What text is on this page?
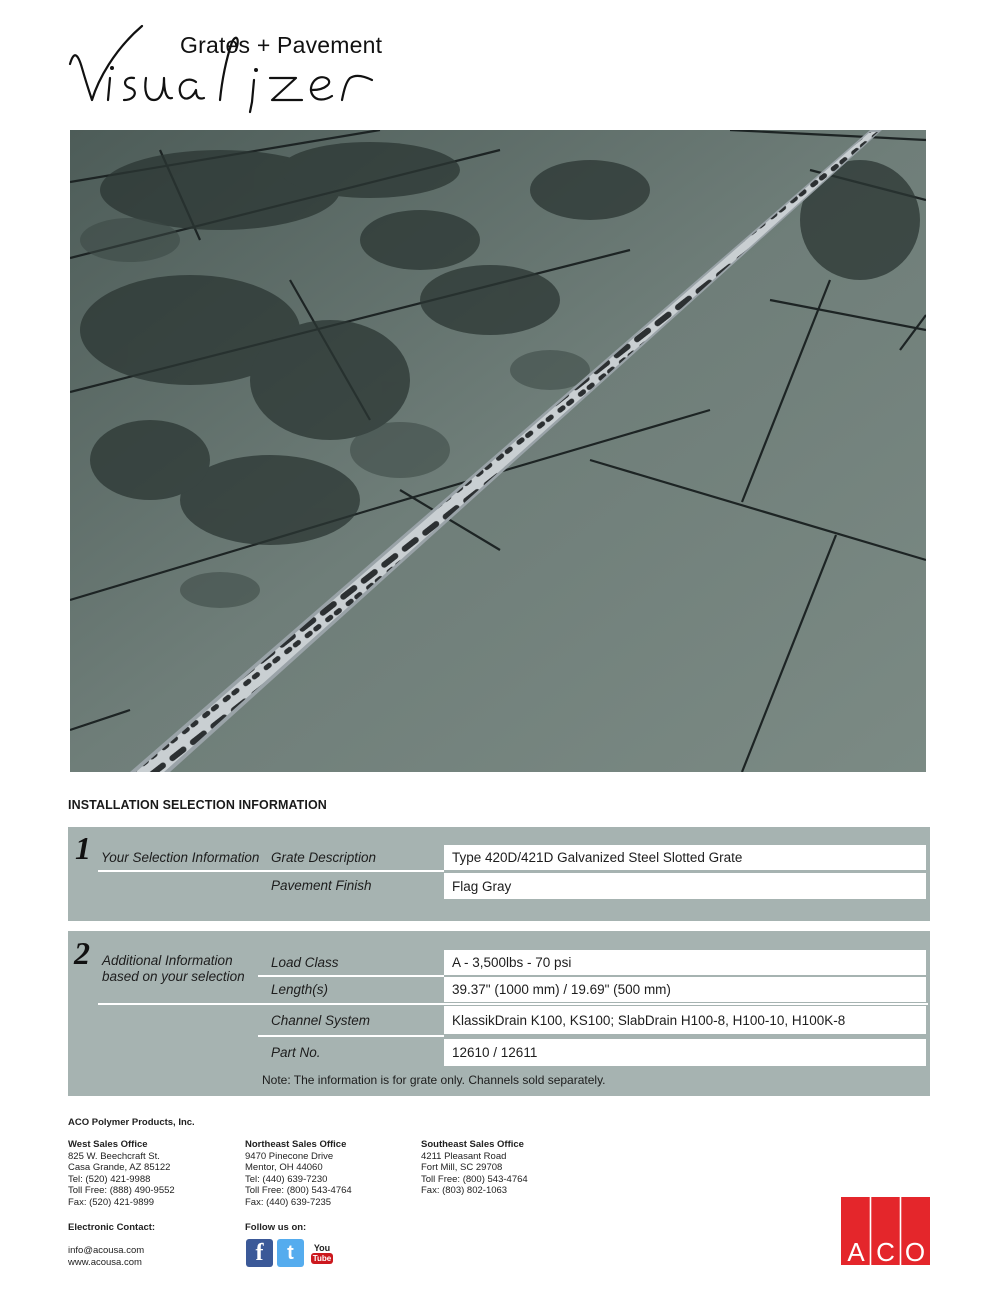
Grates + Pavement
Visualizer
INSTALLATION SELECTION INFORMATION
1 Your Selection Information Grate Description	Type 420D/421D Galvanized Steel Slotted Grate
Pavement Finish	Flag Gray
2 Additional Information
based on your selection
Load Class	A - 3,500lbs - 70 psi
Length(s)	39.37" (1000 mm) / 19.69" (500 mm)
Channel System	KlassikDrain K100, KS100; SlabDrain H100-8, H100-10, H100K-8
Part No.	12610 / 12611
Note: The information is for grate only. Channels sold separately.
ACO Polymer Products, Inc.
West Sales Office
825 W. Beechcraft St.
Casa Grande, AZ 85122
Tel: (520) 421-9988
Toll Free: (888) 490-9552
Fax: (520) 421-9899
Northeast Sales Office
9470 Pinecone Drive
Mentor, OH 44060
Tel: (440) 639-7230
Toll Free: (800) 543-4764
Fax: (440) 639-7235
Southeast Sales Office
4211 Pleasant Road
Fort Mill, SC 29708
Toll Free: (800) 543-4764
Fax: (803) 802-1063
Electronic Contact:
info@acousa.com
www.acousa.com
Follow us on:
f t You
Tube	A C O
